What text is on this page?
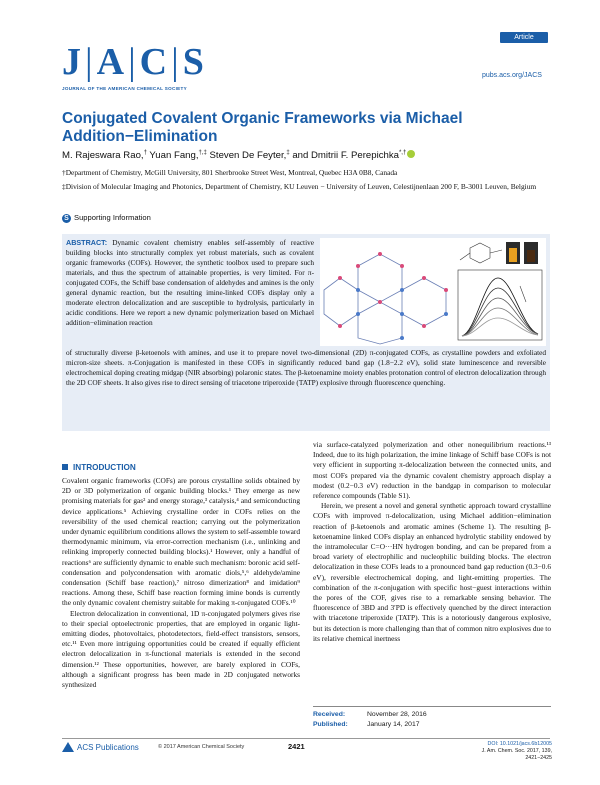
J|A|C|S
JOURNAL OF THE AMERICAN CHEMICAL SOCIETY
Article
pubs.acs.org/JACS
Conjugated Covalent Organic Frameworks via Michael Addition−Elimination
M. Rajeswara Rao,† Yuan Fang,†,‡ Steven De Feyter,‡ and Dmitrii F. Perepichka*,†
†Department of Chemistry, McGill University, 801 Sherbrooke Street West, Montreal, Quebec H3A 0B8, Canada
‡Division of Molecular Imaging and Photonics, Department of Chemistry, KU Leuven − University of Leuven, Celestijnenlaan 200 F, B-3001 Leuven, Belgium
S Supporting Information
ABSTRACT: Dynamic covalent chemistry enables self-assembly of reactive building blocks into structurally complex yet robust materials, such as covalent organic frameworks (COFs). However, the synthetic toolbox used to prepare such materials, and thus the spectrum of attainable properties, is very limited. For π-conjugated COFs, the Schiff base condensation of aldehydes and amines is the only general dynamic reaction, but the resulting imine-linked COFs display only a moderate electron delocalization and are susceptible to hydrolysis, particularly in acidic conditions. Here we report a new dynamic polymerization based on Michael addition−elimination reaction
of structurally diverse β-ketoenols with amines, and use it to prepare novel two-dimensional (2D) π-conjugated COFs, as crystalline powders and exfoliated micron-size sheets. π-Conjugation is manifested in these COFs in significantly reduced band gap (1.8−2.2 eV), solid state luminescence and reversible electrochemical doping creating midgap (NIR absorbing) polaronic states. The β-ketoenamine moiety enables protonation control of electron delocalization through the 2D COF sheets. It also gives rise to direct sensing of triacetone triperoxide (TATP) explosive through fluorescence quenching.
INTRODUCTION

Covalent organic frameworks (COFs) are porous crystalline solids obtained by 2D or 3D polymerization of organic building blocks.¹ They emerge as new promising materials for gas² and energy storage,³ catalysis,⁴ and semiconducting device applications.⁵ Achieving crystalline order in COFs relies on the reversibility of the used chemical reaction; carrying out the polymerization under dynamic equilibrium conditions allows the system to self-assemble toward thermodynamic minimum, via error-correction mechanism (i.e., unlinking and relinking improperly connected building blocks).¹ However, only a handful of reactions⁶ are sufficiently dynamic to enable such mechanism: boronic acid self-condensation and polycondensation with aromatic diols,⁵,⁶ aldehyde/amine condensation (Schiff base reaction),⁷ nitroso dimerization⁸ and imidation⁹ reactions. Among these, Schiff base reaction forming imine bonds is currently the only dynamic covalent chemistry suitable for making π-conjugated COFs.¹⁰

Electron delocalization in conventional, 1D π-conjugated polymers gives rise to their special optoelectronic properties, that are employed in organic light-emitting diodes, photovoltaics, photodetectors, field-effect transistors, sensors, etc.¹¹ Even more intriguing opportunities could be created if equally efficient electron delocalization in π-functional materials is extended in the second dimension.¹² These opportunities, however, are barely explored in COFs, although a significant progress has been made in 2D conjugated networks synthesized

via surface-catalyzed polymerization and other nonequilibrium reactions.¹³ Indeed, due to its high polarization, the imine linkage of Schiff base COFs is not very efficient in supporting π-delocalization between the connected units, and most COFs prepared via the dynamic covalent chemistry approach display a modest (0.2−0.3 eV) reduction in the bandgap in comparison to molecular reference compounds (Table S1).

Herein, we present a novel and general synthetic approach toward crystalline COFs with improved π-delocalization, using Michael addition−elimination reaction of β-ketoenols and aromatic amines (Scheme 1). The resulting β-ketoenamine linked COFs display an enhanced hydrolytic stability endowed by the intramolecular C=O···HN hydrogen bonding, and can be prepared from a broad variety of electrophilic and nucleophilic building blocks. The electron delocalization in these COFs leads to a pronounced band gap reduction (0.3−0.6 eV), reversible electrochemical doping, and light-emitting properties. The combination of the π-conjugation with specific host−guest interactions within the pores of the COF, gives rise to a remarkable sensing behavior. The fluorescence of 3BD and 3′PD is effectively quenched by the direct interaction with triacetone triperoxide (TATP). This is a notoriously dangerous explosive, but its detection is more challenging than that of common nitro explosives due to its relative chemical inertness

Received:	November 28, 2016
Published:	January 14, 2017
ACS Publications	© 2017 American Chemical Society	2421	DOI: 10.1021/jacs.6b12005
J. Am. Chem. Soc. 2017, 139, 2421−2425
